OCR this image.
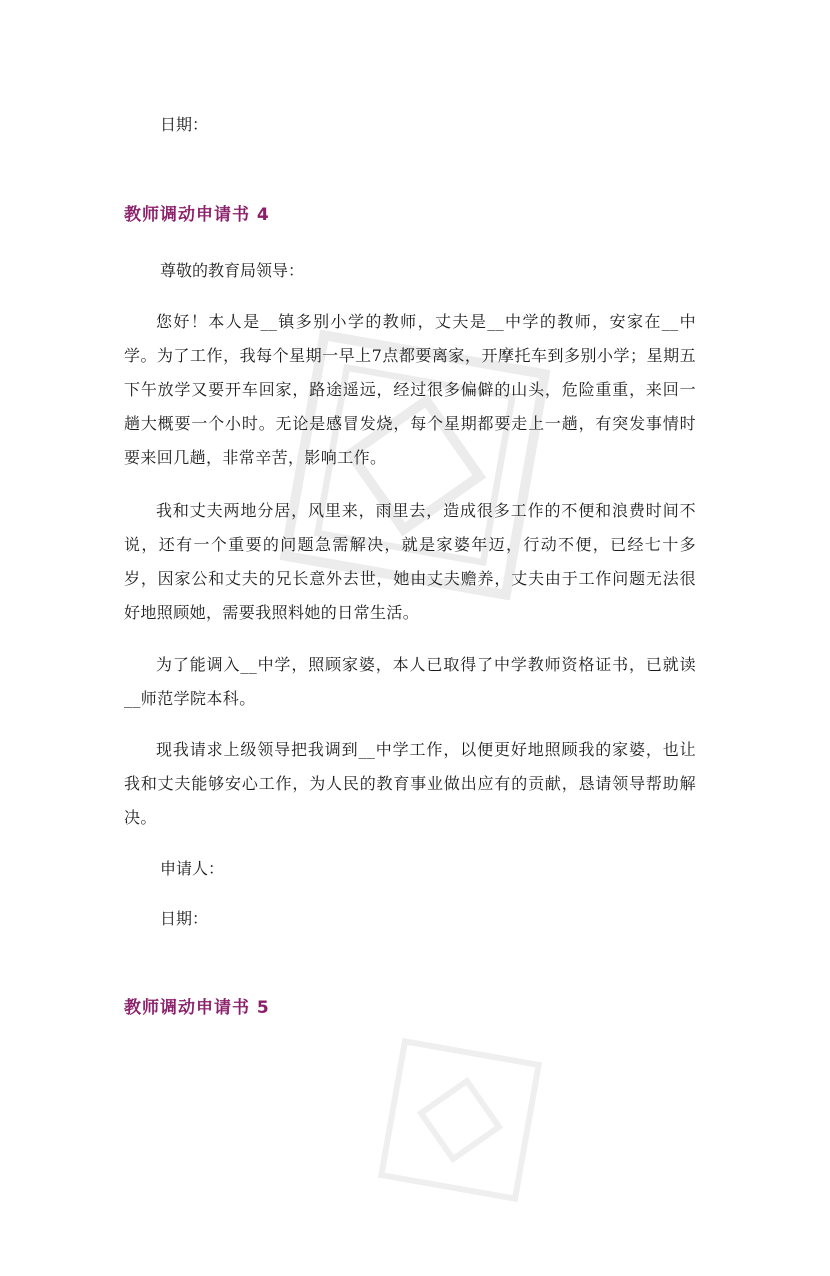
日期：
教师调动申请书 4
尊敬的教育局领导：
您好！本人是__镇多别小学的教师，丈夫是__中学的教师，安家在__中学。为了工作，我每个星期一早上7点都要离家，开摩托车到多别小学；星期五下午放学又要开车回家，路途遥远，经过很多偏僻的山头，危险重重，来回一趟大概要一个小时。无论是感冒发烧，每个星期都要走上一趟，有突发事情时要来回几趟，非常辛苦，影响工作。
我和丈夫两地分居，风里来，雨里去，造成很多工作的不便和浪费时间不说，还有一个重要的问题急需解决，就是家婆年迈，行动不便，已经七十多岁，因家公和丈夫的兄长意外去世，她由丈夫赡养，丈夫由于工作问题无法很好地照顾她，需要我照料她的日常生活。
为了能调入__中学，照顾家婆，本人已取得了中学教师资格证书，已就读__师范学院本科。
现我请求上级领导把我调到__中学工作，以便更好地照顾我的家婆，也让我和丈夫能够安心工作，为人民的教育事业做出应有的贡献，恳请领导帮助解决。
申请人：
日期：
教师调动申请书 5
